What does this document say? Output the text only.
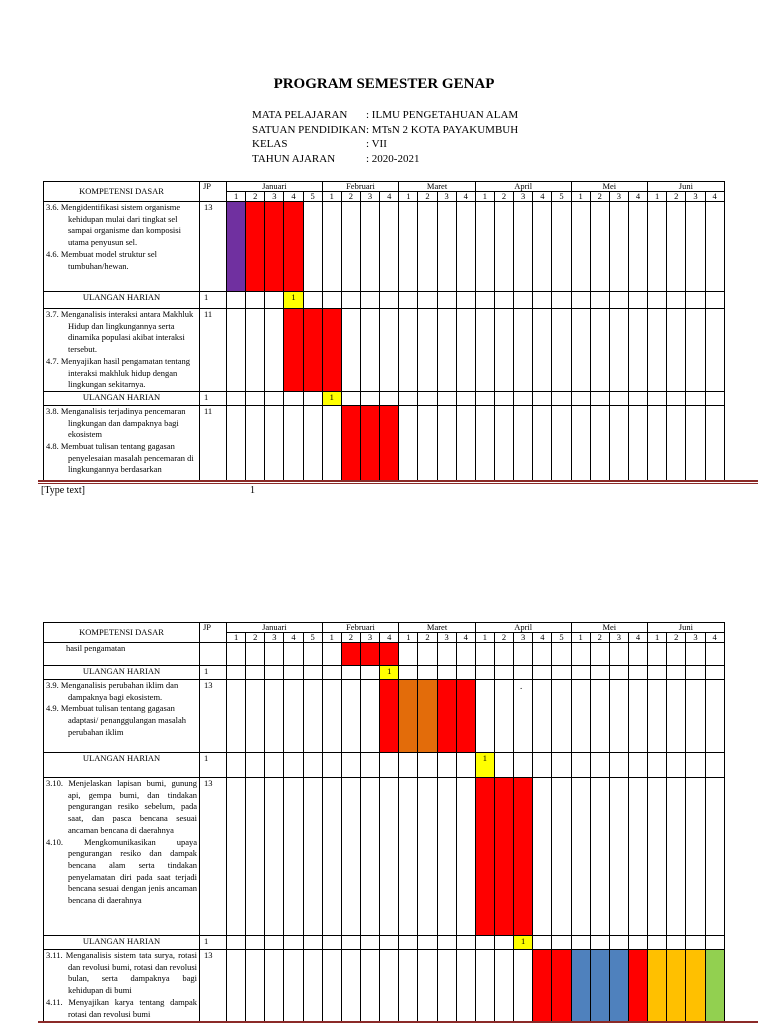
PROGRAM SEMESTER GENAP
MATA PELAJARAN	: ILMU PENGETAHUAN ALAM
SATUAN PENDIDIKAN : MTsN 2 KOTA PAYAKUMBUH
KELAS	: VII
TAHUN AJARAN	: 2020-2021
KOMPETENSI DASAR	JP	Januari					Februari				Maret				April					Mei				Juni			
		1	2	3	4	5	1	2	3	4	1	2	3	4	1	2	3	4	5	1	2	3	4	1	2	3	4

3.6. Mengidentifikasi sistem organisme kehidupan mulai dari tingkat sel sampai organisme dan komposisi utama penyusun sel.
4.6. Membuat model struktur sel tumbuhan/hewan.	13																										

ULANGAN HARIAN	1				1																						

3.7. Menganalisis interaksi antara Makhluk Hidup dan lingkungannya serta dinamika populasi akibat interaksi tersebut.
4.7. Menyajikan hasil pengamatan tentang interaksi makhluk hidup dengan lingkungan sekitarnya.	11																										

ULANGAN HARIAN	1						1																				

3.8. Menganalisis terjadinya pencemaran lingkungan dan dampaknya bagi ekosistem
4.8. Membuat tulisan tentang gagasan penyelesaian masalah pencemaran di lingkungannya berdasarkan	11																										
[Type text]	1
KOMPETENSI DASAR	JP	Januari					Februari				Maret				April					Mei				Juni			
		1	2	3	4	5	1	2	3	4	1	2	3	4	1	2	3	4	5	1	2	3	4	1	2	3	4

hasil pengamatan																											

ULANGAN HARIAN	1									1																	

3.9. Menganalisis perubahan iklim dan dampaknya bagi ekosistem.
4.9. Membuat tulisan tentang gagasan adaptasi/ penanggulangan masalah perubahan iklim	13																										

ULANGAN HARIAN	1														1												

3.10. Menjelaskan lapisan bumi, gunung api, gempa bumi, dan tindakan pengurangan resiko sebelum, pada saat, dan pasca bencana sesuai ancaman bencana di daerahnya
4.10. Mengkomunikasikan upaya pengurangan resiko dan dampak bencana alam serta tindakan penyelamatan diri pada saat terjadi bencana sesuai dengan jenis ancaman bencana di daerahnya	13																										

ULANGAN HARIAN	1																1										

3.11. Menganalisis sistem tata surya, rotasi dan revolusi bumi, rotasi dan revolusi bulan, serta dampaknya bagi kehidupan di bumi
4.11. Menyajikan karya tentang dampak rotasi dan revolusi bumi	13																										
.
